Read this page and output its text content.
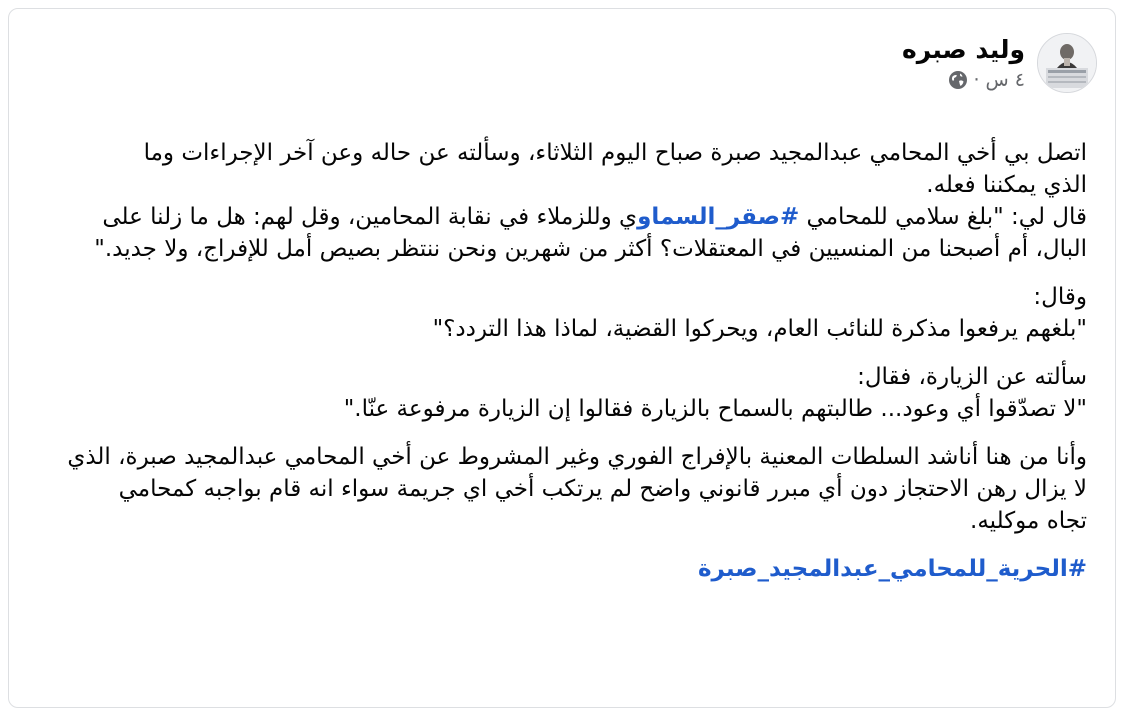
وليد صبره
٤ س
·
اتصل بي أخي المحامي عبدالمجيد صبرة صباح اليوم الثلاثاء، وسألته عن حاله وعن آخر الإجراءات وما
الذي يمكننا فعله.
قال لي: "بلغ سلامي للمحامي #صقر_السماوي وللزملاء في نقابة المحامين، وقل لهم: هل ما زلنا على
البال، أم أصبحنا من المنسيين في المعتقلات؟ أكثر من شهرين ونحن ننتظر بصيص أمل للإفراج، ولا جديد."
وقال:
"بلغهم يرفعوا مذكرة للنائب العام، ويحركوا القضية، لماذا هذا التردد؟"
سألته عن الزيارة، فقال:
"لا تصدّقوا أي وعود... طالبتهم بالسماح بالزيارة فقالوا إن الزيارة مرفوعة عنّا."
وأنا من هنا أناشد السلطات المعنية بالإفراج الفوري وغير المشروط عن أخي المحامي عبدالمجيد صبرة، الذي
لا يزال رهن الاحتجاز دون أي مبرر قانوني واضح لم يرتكب أخي اي جريمة سواء انه قام بواجبه كمحامي
تجاه موكليه.
#الحرية_للمحامي_عبدالمجيد_صبرة
